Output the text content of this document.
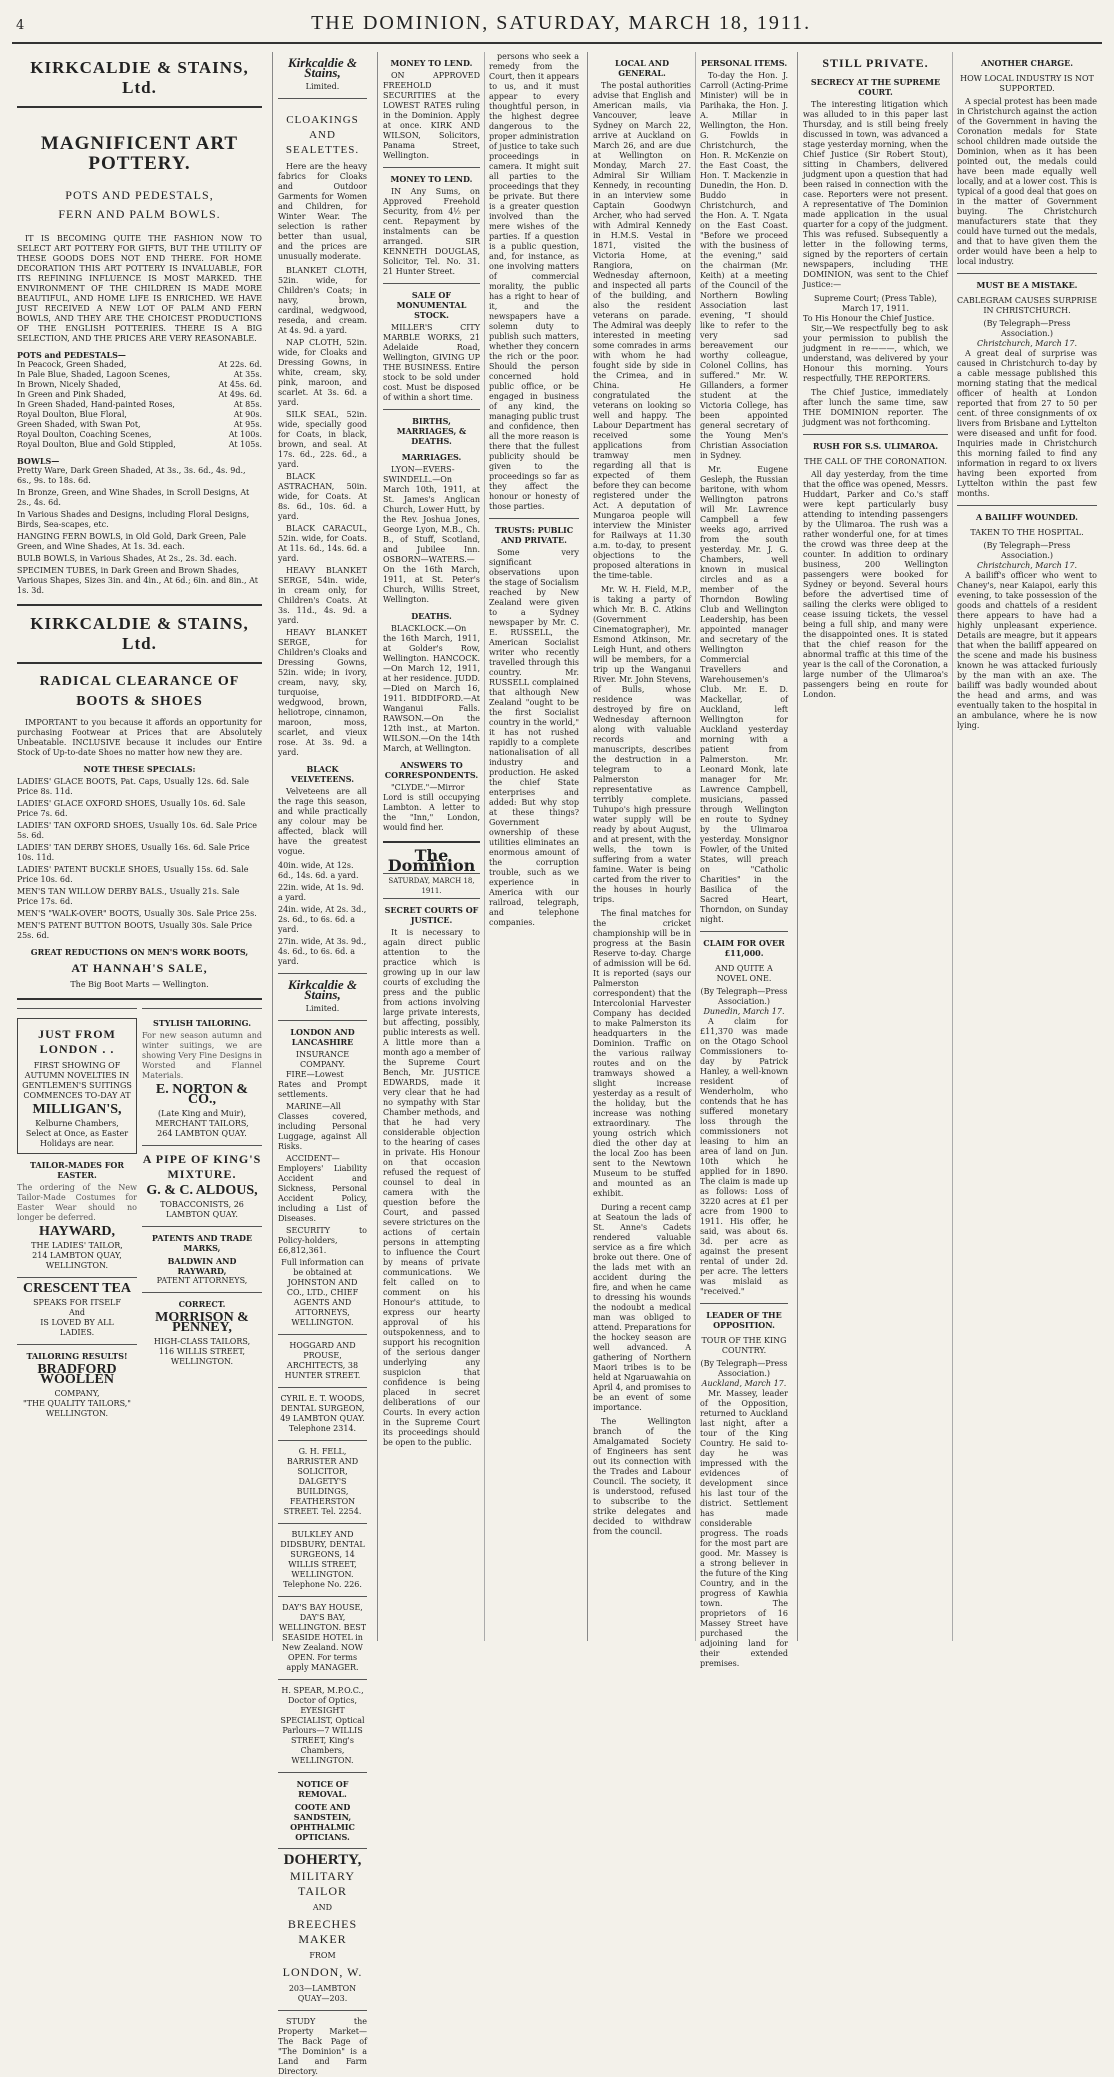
4	THE DOMINION, SATURDAY, MARCH 18, 1911.
KIRKCALDIE & STAINS, Ltd.
MAGNIFICENT ART POTTERY.
POTS AND PEDESTALS,
FERN AND PALM BOWLS.
IT IS BECOMING QUITE THE FASHION NOW TO SELECT ART POTTERY FOR GIFTS, BUT THE UTILITY OF THESE GOODS DOES NOT END THERE. FOR HOME DECORATION THIS ART POTTERY IS INVALUABLE, FOR ITS REFINING INFLUENCE IS MOST MARKED. THE ENVIRONMENT OF THE CHILDREN IS MADE MORE BEAUTIFUL, AND HOME LIFE IS ENRICHED. WE HAVE JUST RECEIVED A NEW LOT OF PALM AND FERN BOWLS, AND THEY ARE THE CHOICEST PRODUCTIONS OF THE ENGLISH POTTERIES. THERE IS A BIG SELECTION, AND THE PRICES ARE VERY REASONABLE.
POTS and PEDESTALS—
In Peacock, Green Shaded,	At 22s. 6d.
In Pale Blue, Shaded, Lagoon Scenes,	At 35s.
In Brown, Nicely Shaded,	At 45s. 6d.
In Green and Pink Shaded,	At 49s. 6d.
In Green Shaded, Hand-painted Roses,	At 85s.
Royal Doulton, Blue Floral,	At 90s.
Green Shaded, with Swan Pot,	At 95s.
Royal Doulton, Coaching Scenes,	At 100s.
Royal Doulton, Blue and Gold Stippled,	At 105s.
BOWLS—
Pretty Ware, Dark Green Shaded, At 3s., 3s. 6d., 4s. 9d., 6s., 9s. to 18s. 6d.
In Bronze, Green, and Wine Shades, in Scroll Designs, At 2s., 4s. 6d.
In Various Shades and Designs, including Floral Designs, Birds, Sea-scapes, etc.
HANGING FERN BOWLS, in Old Gold, Dark Green, Pale Green, and Wine Shades, At 1s. 3d. each.
BULB BOWLS, in Various Shades, At 2s., 2s. 3d. each.
SPECIMEN TUBES, in Dark Green and Brown Shades, Various Shapes, Sizes 3in. and 4in., At 6d.; 6in. and 8in., At 1s. 3d.
KIRKCALDIE & STAINS, Ltd.
RADICAL CLEARANCE OF BOOTS & SHOES
IMPORTANT to you because it affords an opportunity for purchasing Footwear at Prices that are Absolutely Unbeatable. INCLUSIVE because it includes our Entire Stock of Up-to-date Shoes no matter how new they are.
NOTE THESE SPECIALS:
LADIES' GLACE BOOTS, Pat. Caps, Usually 12s. 6d. Sale Price 8s. 11d.
LADIES' GLACE OXFORD SHOES, Usually 10s. 6d. Sale Price 7s. 6d.
LADIES' TAN OXFORD SHOES, Usually 10s. 6d. Sale Price 5s. 6d.
LADIES' TAN DERBY SHOES, Usually 16s. 6d. Sale Price 10s. 11d.
LADIES' PATENT BUCKLE SHOES, Usually 15s. 6d. Sale Price 10s. 6d.
MEN'S TAN WILLOW DERBY BALS., Usually 21s. Sale Price 17s. 6d.
MEN'S "WALK-OVER" BOOTS, Usually 30s. Sale Price 25s.
MEN'S PATENT BUTTON BOOTS, Usually 30s. Sale Price 25s. 6d.
GREAT REDUCTIONS ON MEN'S WORK BOOTS,
AT HANNAH'S SALE,
The Big Boot Marts — Wellington.
JUST FROM LONDON . .
FIRST SHOWING OF AUTUMN NOVELTIES IN GENTLEMEN'S SUITINGS COMMENCES TO-DAY AT
MILLIGAN'S,
Kelburne Chambers,
Select at Once, as Easter Holidays are near.
TAILOR-MADES FOR EASTER.
The ordering of the New Tailor-Made Costumes for Easter Wear should no longer be deferred.
HAYWARD,
THE LADIES' TAILOR,
214 LAMBTON QUAY, WELLINGTON.
CRESCENT TEA
SPEAKS FOR ITSELF
And
IS LOVED BY ALL
LADIES.
TAILORING RESULTS!
BRADFORD WOOLLEN
COMPANY,
"THE QUALITY TAILORS,"
WELLINGTON.
STYLISH TAILORING.
For new season autumn and winter suitings, we are showing Very Fine Designs in Worsted and Flannel Materials.
E. NORTON & CO.,
(Late King and Muir),
MERCHANT TAILORS,
264 LAMBTON QUAY.
A PIPE OF KING'S MIXTURE.
G. & C. ALDOUS,
TOBACCONISTS, 26 LAMBTON QUAY.
PATENTS AND TRADE MARKS,
BALDWIN AND RAYWARD,
PATENT ATTORNEYS,
CORRECT.
MORRISON & PENNEY,
HIGH-CLASS TAILORS,
116 WILLIS STREET, WELLINGTON.
Kirkcaldie & Stains,
Limited.
CLOAKINGS AND SEALETTES.
Here are the heavy fabrics for Cloaks and Outdoor Garments for Women and Children, for Winter Wear. The selection is rather better than usual, and the prices are unusually moderate.
BLANKET CLOTH, 52in. wide, for Children's Coats; in navy, brown, cardinal, wedgwood, reseda, and cream. At 4s. 9d. a yard.
NAP CLOTH, 52in. wide, for Cloaks and Dressing Gowns, in white, cream, sky, pink, maroon, and scarlet. At 3s. 6d. a yard.
SILK SEAL, 52in. wide, specially good for Coats, in black, brown, and seal. At 17s. 6d., 22s. 6d., a yard.
BLACK ASTRACHAN, 50in. wide, for Coats. At 8s. 6d., 10s. 6d. a yard.
BLACK CARACUL, 52in. wide, for Coats. At 11s. 6d., 14s. 6d. a yard.
HEAVY BLANKET SERGE, 54in. wide, in cream only, for Children's Coats. At 3s. 11d., 4s. 9d. a yard.
HEAVY BLANKET SERGE, for Children's Cloaks and Dressing Gowns, 52in. wide; in ivory, cream, navy, sky, turquoise, wedgwood, brown, heliotrope, cinnamon, maroon, moss, scarlet, and vieux rose. At 3s. 9d. a yard.
BLACK VELVETEENS.
Velveteens are all the rage this season, and while practically any colour may be affected, black will have the greatest vogue.
40in. wide, At 12s. 6d., 14s. 6d. a yard.
22in. wide, At 1s. 9d. a yard.
24in. wide, At 2s. 3d., 2s. 6d., to 6s. 6d. a yard.
27in. wide, At 3s. 9d., 4s. 6d., to 6s. 6d. a yard.
Kirkcaldie & Stains,
Limited.
LONDON AND LANCASHIRE
INSURANCE COMPANY.
FIRE—Lowest Rates and Prompt settlements.
MARINE—All Classes covered, including Personal Luggage, against All Risks.
ACCIDENT—Employers' Liability Accident and Sickness, Personal Accident Policy, including a List of Diseases.
SECURITY to Policy-holders, £6,812,361.
Full information can be obtained at JOHNSTON AND CO., LTD., CHIEF AGENTS AND ATTORNEYS, WELLINGTON.
HOGGARD AND PROUSE, ARCHITECTS, 38 HUNTER STREET.
CYRIL E. T. WOODS, DENTAL SURGEON, 49 LAMBTON QUAY. Telephone 2314.
G. H. FELL, BARRISTER AND SOLICITOR, DALGETY'S BUILDINGS, FEATHERSTON STREET. Tel. 2254.
BULKLEY AND DIDSBURY, DENTAL SURGEONS, 14 WILLIS STREET, WELLINGTON. Telephone No. 226.
DAY'S BAY HOUSE, DAY'S BAY, WELLINGTON. BEST SEASIDE HOTEL in New Zealand. NOW OPEN. For terms apply MANAGER.
H. SPEAR, M.P.O.C., Doctor of Optics, EYESIGHT SPECIALIST, Optical Parlours—7 WILLIS STREET, King's Chambers, WELLINGTON.
NOTICE OF REMOVAL.
COOTE AND SANDSTEIN, OPHTHALMIC OPTICIANS.
DOHERTY,
MILITARY TAILOR
AND
BREECHES MAKER
FROM
LONDON, W.
203—LAMBTON QUAY—203.
STUDY the Property Market—The Back Page of "The Dominion" is a Land and Farm Directory.
MONEY TO LEND.
ON APPROVED FREEHOLD SECURITIES at the LOWEST RATES ruling in the Dominion. Apply at once. KIRK AND WILSON, Solicitors, Panama Street, Wellington.
MONEY TO LEND.
IN Any Sums, on Approved Freehold Security, from 4½ per cent. Repayment by instalments can be arranged. SIR KENNETH DOUGLAS, Solicitor, Tel. No. 31. 21 Hunter Street.
SALE OF MONUMENTAL STOCK.
MILLER'S CITY MARBLE WORKS, 21 Adelaide Road, Wellington, GIVING UP THE BUSINESS. Entire stock to be sold under cost. Must be disposed of within a short time.
BIRTHS, MARRIAGES, & DEATHS.
MARRIAGES.
LYON—EVERS-SWINDELL.—On March 10th, 1911, at St. James's Anglican Church, Lower Hutt, by the Rev. Joshua Jones, George Lyon, M.B., Ch. B., of Stuff, Scotland, and Jubilee Inn. OSBORN—WATERS.—On the 16th March, 1911, at St. Peter's Church, Willis Street, Wellington.
DEATHS.
BLACKLOCK.—On the 16th March, 1911, at Golder's Row, Wellington. HANCOCK.—On March 12, 1911, at her residence. JUDD.—Died on March 16, 1911. BIDDIFORD.—At Wanganui Falls. RAWSON.—On the 12th inst., at Marton. WILSON.—On the 14th March, at Wellington.
ANSWERS TO CORRESPONDENTS.
"CLYDE."—Mirror Lord is still occupying Lambton. A letter to the "Inn," London, would find her.
The Dominion
SATURDAY, MARCH 18, 1911.
SECRET COURTS OF JUSTICE.
It is necessary to again direct public attention to the practice which is growing up in our law courts of excluding the press and the public from actions involving large private interests, but affecting, possibly, public interests as well. A little more than a month ago a member of the Supreme Court Bench, Mr. JUSTICE EDWARDS, made it very clear that he had no sympathy with Star Chamber methods, and that he had very considerable objection to the hearing of cases in private. His Honour on that occasion refused the request of counsel to deal in camera with the question before the Court, and passed severe strictures on the actions of certain persons in attempting to influence the Court by means of private communications. We felt called on to comment on his Honour's attitude, to express our hearty approval of his outspokenness, and to support his recognition of the serious danger underlying any suspicion that confidence is being placed in secret deliberations of our Courts. In every action in the Supreme Court its proceedings should be open to the public.
persons who seek a remedy from the Court, then it appears to us, and it must appear to every thoughtful person, in the highest degree dangerous to the proper administration of justice to take such proceedings in camera. It might suit all parties to the proceedings that they be private. But there is a greater question involved than the mere wishes of the parties. If a question is a public question, and, for instance, as one involving matters of commercial morality, the public has a right to hear of it, and the newspapers have a solemn duty to publish such matters, whether they concern the rich or the poor. Should the person concerned hold public office, or be engaged in business of any kind, the managing public trust and confidence, then all the more reason is there that the fullest publicity should be given to the proceedings so far as they affect the honour or honesty of those parties.
TRUSTS: PUBLIC AND PRIVATE.
Some very significant observations upon the stage of Socialism reached by New Zealand were given to a Sydney newspaper by Mr. C. E. RUSSELL, the American Socialist writer who recently travelled through this country. Mr. RUSSELL complained that although New Zealand "ought to be the first Socialist country in the world," it has not rushed rapidly to a complete nationalisation of all industry and production. He asked the chief State enterprises and added: But why stop at these things? Government ownership of these utilities eliminates an enormous amount of the corruption trouble, such as we experience in America with our railroad, telegraph, and telephone companies.
LOCAL AND GENERAL.
The postal authorities advise that English and American mails, via Vancouver, leave Sydney on March 22, arrive at Auckland on March 26, and are due at Wellington on Monday, March 27. Admiral Sir William Kennedy, in recounting in an interview some Captain Goodwyn Archer, who had served with Admiral Kennedy in H.M.S. Vestal in 1871, visited the Victoria Home, at Rangiora, on Wednesday afternoon, and inspected all parts of the building, and also the resident veterans on parade. The Admiral was deeply interested in meeting some comrades in arms with whom he had fought side by side in the Crimea, and in China. He congratulated the veterans on looking so well and happy. The Labour Department has received some applications from tramway men regarding all that is expected of them before they can become registered under the Act. A deputation of Mungaroa people will interview the Minister for Railways at 11.30 a.m. to-day, to present objections to the proposed alterations in the time-table.
Mr. W. H. Field, M.P., is taking a party of which Mr. B. C. Atkins (Government Cinematographer), Mr. Esmond Atkinson, Mr. Leigh Hunt, and others will be members, for a trip up the Wanganui River. Mr. John Stevens, of Bulls, whose residence was destroyed by fire on Wednesday afternoon along with valuable records and manuscripts, describes the destruction in a telegram to a Palmerston representative as terribly complete. Tuhupo's high pressure water supply will be ready by about August, and at present, with the wells, the town is suffering from a water famine. Water is being carted from the river to the houses in hourly trips.
The final matches for the cricket championship will be in progress at the Basin Reserve to-day. Charge of admission will be 6d. It is reported (says our Palmerston correspondent) that the Intercolonial Harvester Company has decided to make Palmerston its headquarters in the Dominion. Traffic on the various railway routes and on the tramways showed a slight increase yesterday as a result of the holiday, but the increase was nothing extraordinary. The young ostrich which died the other day at the local Zoo has been sent to the Newtown Museum to be stuffed and mounted as an exhibit.
During a recent camp at Seatoun the lads of St. Anne's Cadets rendered valuable service as a fire which broke out there. One of the lads met with an accident during the fire, and when he came to dressing his wounds the nodoubt a medical man was obliged to attend. Preparations for the hockey season are well advanced. A gathering of Northern Maori tribes is to be held at Ngaruawahia on April 4, and promises to be an event of some importance.
The Wellington branch of the Amalgamated Society of Engineers has sent out its connection with the Trades and Labour Council. The society, it is understood, refused to subscribe to the strike delegates and decided to withdraw from the council.
PERSONAL ITEMS.
To-day the Hon. J. Carroll (Acting-Prime Minister) will be in Parihaka, the Hon. J. A. Millar in Wellington, the Hon. G. Fowlds in Christchurch, the Hon. R. McKenzie on the East Coast, the Hon. T. Mackenzie in Dunedin, the Hon. D. Buddo in Christchurch, and the Hon. A. T. Ngata on the East Coast. "Before we proceed with the business of the evening," said the chairman (Mr. Keith) at a meeting of the Council of the Northern Bowling Association last evening, "I should like to refer to the very sad bereavement our worthy colleague, Colonel Collins, has suffered." Mr. W. Gillanders, a former student at the Victoria College, has been appointed general secretary of the Young Men's Christian Association in Sydney.
Mr. Eugene Gesleph, the Russian baritone, with whom Wellington patrons will Mr. Lawrence Campbell a few weeks ago, arrived from the south yesterday. Mr. J. G. Chambers, well known in musical circles and as a member of the Thorndon Bowling Club and Wellington Leadership, has been appointed manager and secretary of the Wellington Commercial Travellers and Warehousemen's Club. Mr. E. D. Mackellar, of Auckland, left Wellington for Auckland yesterday morning with a patient from Palmerston. Mr. Leonard Monk, late manager for Mr. Lawrence Campbell, musicians, passed through Wellington en route to Sydney by the Ulimaroa yesterday. Monsignor Fowler, of the United States, will preach on "Catholic Charities" in the Basilica of the Sacred Heart, Thorndon, on Sunday night.
CLAIM FOR OVER £11,000.
AND QUITE A NOVEL ONE.
(By Telegraph—Press Association.)
Dunedin, March 17.
A claim for £11,370 was made on the Otago School Commissioners to-day by Patrick Hanley, a well-known resident of Wenderholm, who contends that he has suffered monetary loss through the commissioners not leasing to him an area of land on Jun. 10th which he applied for in 1890. The claim is made up as follows: Loss of 3220 acres at £1 per acre from 1900 to 1911. His offer, he said, was about 6s. 3d. per acre as against the present rental of under 2d. per acre. The letters was mislaid as "received."
LEADER OF THE OPPOSITION.
TOUR OF THE KING COUNTRY.
(By Telegraph—Press Association.)
Auckland, March 17.
Mr. Massey, leader of the Opposition, returned to Auckland last night, after a tour of the King Country. He said to-day he was impressed with the evidences of development since his last tour of the district. Settlement has made considerable progress. The roads for the most part are good. Mr. Massey is a strong believer in the future of the King Country, and in the progress of Kawhia town. The proprietors of 16 Massey Street have purchased the adjoining land for their extended premises.
STILL PRIVATE.
SECRECY AT THE SUPREME COURT.
The interesting litigation which was alluded to in this paper last Thursday, and is still being freely discussed in town, was advanced a stage yesterday morning, when the Chief Justice (Sir Robert Stout), sitting in Chambers, delivered judgment upon a question that had been raised in connection with the case. Reporters were not present. A representative of The Dominion made application in the usual quarter for a copy of the judgment. This was refused. Subsequently a letter in the following terms, signed by the reporters of certain newspapers, including THE DOMINION, was sent to the Chief Justice:—
Supreme Court; (Press Table), March 17, 1911.
To His Honour the Chief Justice.
Sir,—We respectfully beg to ask your permission to publish the judgment in re———, which, we understand, was delivered by your Honour this morning. Yours respectfully, THE REPORTERS.
The Chief Justice, immediately after lunch the same time, saw THE DOMINION reporter. The judgment was not forthcoming.
RUSH FOR S.S. ULIMAROA.
THE CALL OF THE CORONATION.
All day yesterday, from the time that the office was opened, Messrs. Huddart, Parker and Co.'s staff were kept particularly busy attending to intending passengers by the Ulimaroa. The rush was a rather wonderful one, for at times the crowd was three deep at the counter. In addition to ordinary business, 200 Wellington passengers were booked for Sydney or beyond. Several hours before the advertised time of sailing the clerks were obliged to cease issuing tickets, the vessel being a full ship, and many were the disappointed ones. It is stated that the chief reason for the abnormal traffic at this time of the year is the call of the Coronation, a large number of the Ulimaroa's passengers being en route for London.
ANOTHER CHARGE.
HOW LOCAL INDUSTRY IS NOT SUPPORTED.
A special protest has been made in Christchurch against the action of the Government in having the Coronation medals for State school children made outside the Dominion, when as it has been pointed out, the medals could have been made equally well locally, and at a lower cost. This is typical of a good deal that goes on in the matter of Government buying. The Christchurch manufacturers state that they could have turned out the medals, and that to have given them the order would have been a help to local industry.
MUST BE A MISTAKE.
CABLEGRAM CAUSES SURPRISE IN CHRISTCHURCH.
(By Telegraph—Press Association.)
Christchurch, March 17.
A great deal of surprise was caused in Christchurch to-day by a cable message published this morning stating that the medical officer of health at London reported that from 27 to 50 per cent. of three consignments of ox livers from Brisbane and Lyttelton were diseased and unfit for food. Inquiries made in Christchurch this morning failed to find any information in regard to ox livers having been exported from Lyttelton within the past few months.
A BAILIFF WOUNDED.
TAKEN TO THE HOSPITAL.
(By Telegraph—Press Association.)
Christchurch, March 17.
A bailiff's officer who went to Chaney's, near Kaiapoi, early this evening, to take possession of the goods and chattels of a resident there appears to have had a highly unpleasant experience. Details are meagre, but it appears that when the bailiff appeared on the scene and made his business known he was attacked furiously by the man with an axe. The bailiff was badly wounded about the head and arms, and was eventually taken to the hospital in an ambulance, where he is now lying.
